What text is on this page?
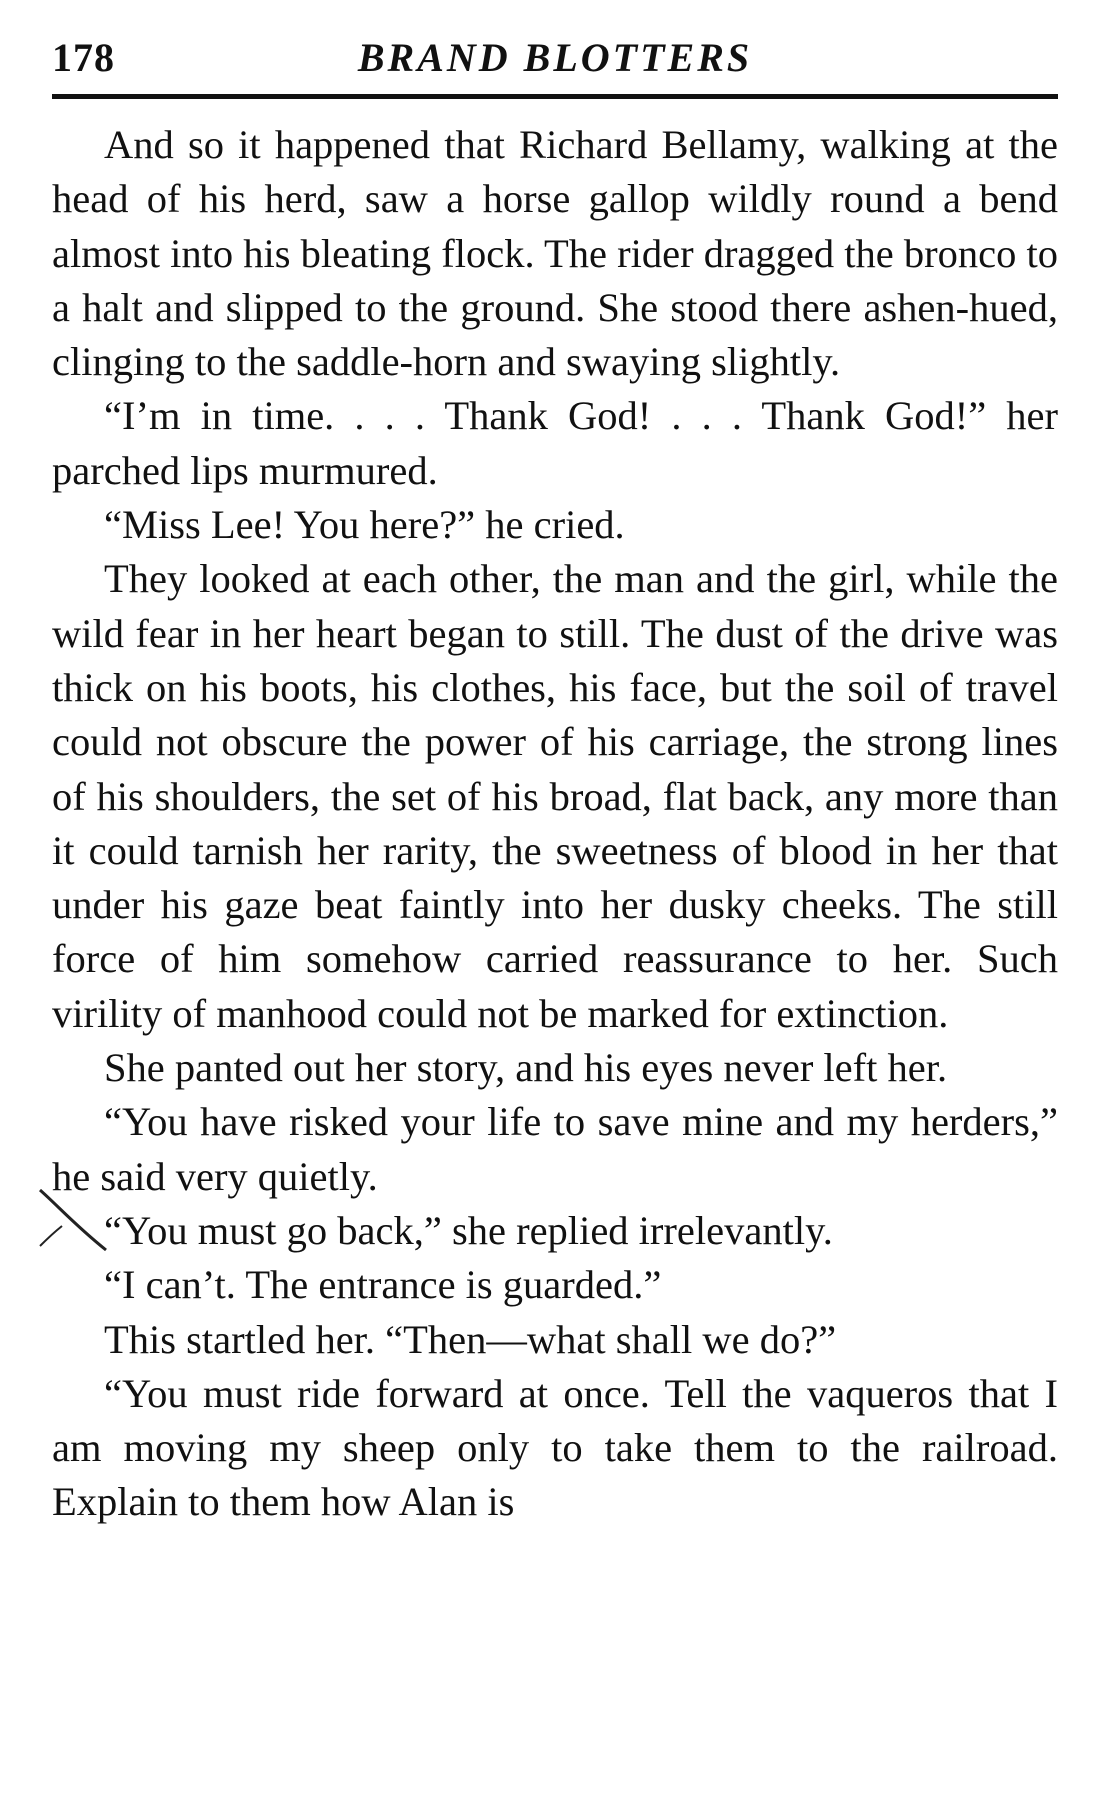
178	BRAND BLOTTERS

And so it happened that Richard Bellamy, walking at the head of his herd, saw a horse gallop wildly round a bend almost into his bleating flock. The rider dragged the bronco to a halt and slipped to the ground. She stood there ashen-hued, clinging to the saddle-horn and swaying slightly.

“I’m in time. . . . Thank God! . . . Thank God!” her parched lips murmured.

“Miss Lee! You here?” he cried.

They looked at each other, the man and the girl, while the wild fear in her heart began to still. The dust of the drive was thick on his boots, his clothes, his face, but the soil of travel could not obscure the power of his carriage, the strong lines of his shoulders, the set of his broad, flat back, any more than it could tarnish her rarity, the sweetness of blood in her that under his gaze beat faintly into her dusky cheeks. The still force of him somehow carried reassurance to her. Such virility of manhood could not be marked for extinction.

She panted out her story, and his eyes never left her.

“You have risked your life to save mine and my herders,” he said very quietly.

“You must go back,” she replied irrelevantly.

“I can’t. The entrance is guarded.”

This startled her. “Then—what shall we do?”

“You must ride forward at once. Tell the vaqueros that I am moving my sheep only to take them to the railroad. Explain to them how Alan is
